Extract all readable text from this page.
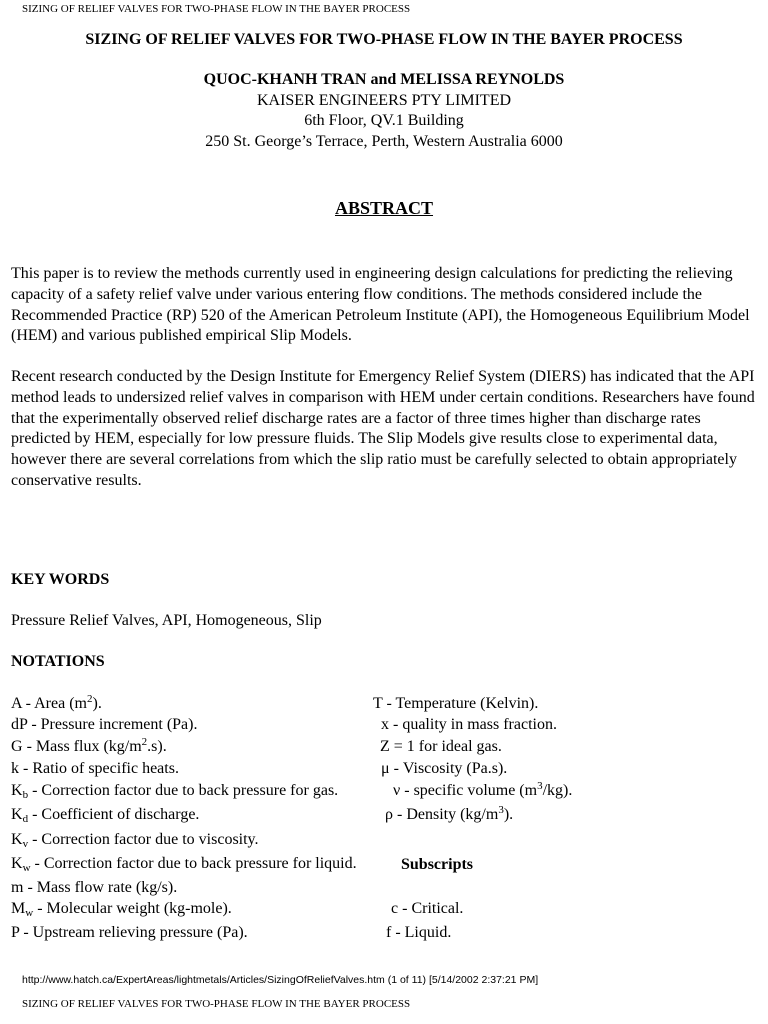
SIZING OF RELIEF VALVES FOR TWO-PHASE FLOW IN THE BAYER PROCESS
SIZING OF RELIEF VALVES FOR TWO-PHASE FLOW IN THE BAYER PROCESS
QUOC-KHANH TRAN and MELISSA REYNOLDS
KAISER ENGINEERS PTY LIMITED
6th Floor, QV.1 Building
250 St. George’s Terrace, Perth, Western Australia 6000
ABSTRACT
This paper is to review the methods currently used in engineering design calculations for predicting the relieving capacity of a safety relief valve under various entering flow conditions. The methods considered include the Recommended Practice (RP) 520 of the American Petroleum Institute (API), the Homogeneous Equilibrium Model (HEM) and various published empirical Slip Models.
Recent research conducted by the Design Institute for Emergency Relief System (DIERS) has indicated that the API method leads to undersized relief valves in comparison with HEM under certain conditions. Researchers have found that the experimentally observed relief discharge rates are a factor of three times higher than discharge rates predicted by HEM, especially for low pressure fluids. The Slip Models give results close to experimental data, however there are several correlations from which the slip ratio must be carefully selected to obtain appropriately conservative results.
KEY WORDS
Pressure Relief Valves, API, Homogeneous, Slip
NOTATIONS
A - Area $(m^2)$.
dP - Pressure increment (Pa).
G - Mass flux $(kg/m^2.s)$.
k - Ratio of specific heats.
$K_b$ - Correction factor due to back pressure for gas.
$K_d$ - Coefficient of discharge.
$K_v$ - Correction factor due to viscosity.
$K_w$ - Correction factor due to back pressure for liquid.
m - Mass flow rate (kg/s).
$M_w$ - Molecular weight (kg-mole).
P - Upstream relieving pressure (Pa).
T - Temperature (Kelvin).
x - quality in mass fraction.
Z = 1 for ideal gas.
μ - Viscosity (Pa.s).
ν - specific volume $(m^3/kg)$.
ρ - Density $(kg/m^3)$.
Subscripts
c - Critical.
f - Liquid.
http://www.hatch.ca/ExpertAreas/lightmetals/Articles/SizingOfReliefValves.htm (1 of 11) [5/14/2002 2:37:21 PM]
SIZING OF RELIEF VALVES FOR TWO-PHASE FLOW IN THE BAYER PROCESS
